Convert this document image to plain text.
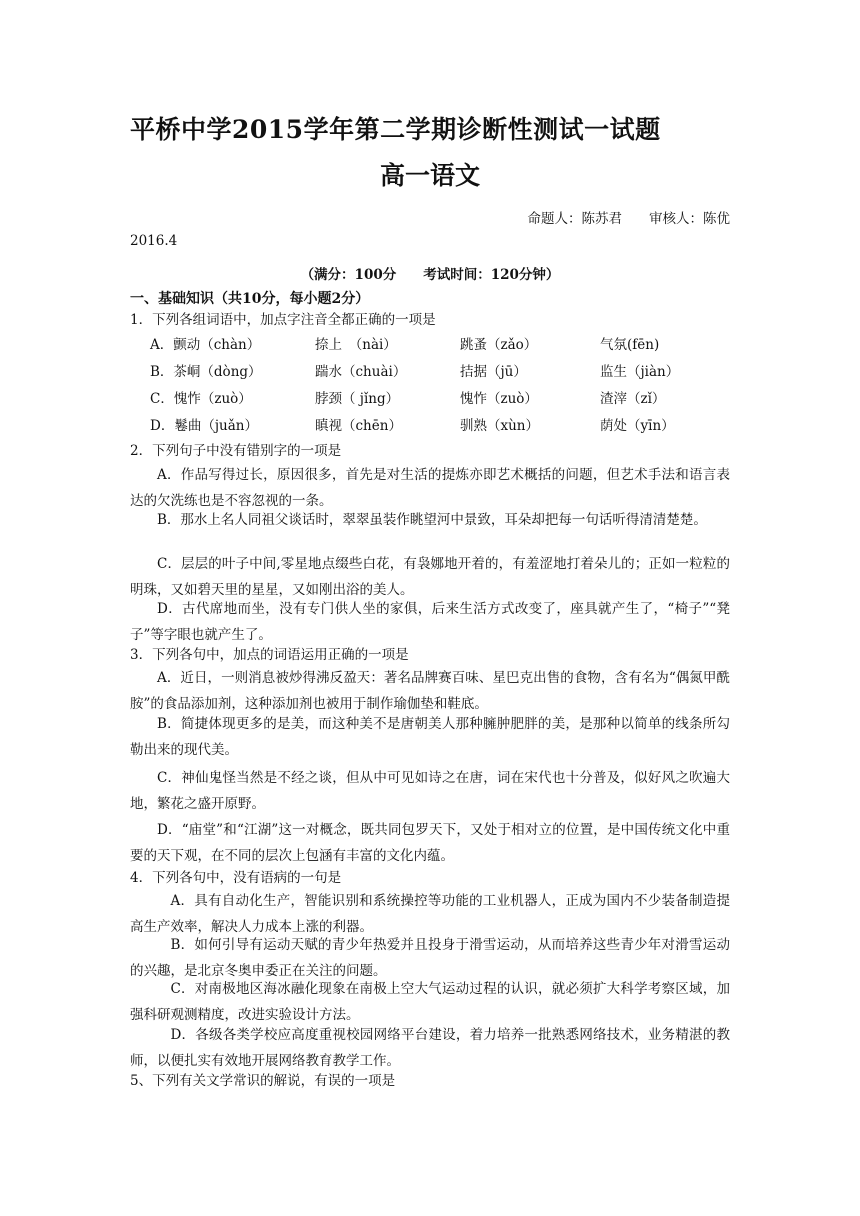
平桥中学2015学年第二学期诊断性测试一试题
高一语文
命题人：陈苏君　　审核人：陈优
2016.4
（满分：100分　　考试时间：120分钟）
一、基础知识（共10分，每小题2分）
1．下列各组词语中，加点字注音全都正确的一项是
A．颤动（chàn）	捺上　（nài）	跳蚤（zǎo）	气氛(fēn)
B．茶峒（dòng）	踹水（chuài）	拮据（jū）	监生（jiàn）
C．愧怍（zuò）	脖颈（ jǐng）	愧怍（zuò）	渣滓（zǐ）
D．鬈曲（juǎn）	瞋视（chēn）	驯熟（xùn）	荫处（yīn）
2．下列句子中没有错别字的一项是
A．作品写得过长，原因很多，首先是对生活的提炼亦即艺术概括的问题，但艺术手法和语言表达的欠洗练也是不容忽视的一条。
B．那水上名人同祖父谈话时，翠翠虽装作眺望河中景致，耳朵却把每一句话听得清清楚楚。
C．层层的叶子中间,零星地点缀些白花，有袅娜地开着的，有羞涩地打着朵儿的；正如一粒粒的明珠，又如碧天里的星星，又如刚出浴的美人。
D．古代席地而坐，没有专门供人坐的家俱，后来生活方式改变了，座具就产生了，“椅子”“凳子”等字眼也就产生了。
3．下列各句中，加点的词语运用正确的一项是
A．近日，一则消息被炒得沸反盈天：著名品牌赛百味、星巴克出售的食物，含有名为“偶氮甲酰胺”的食品添加剂，这种添加剂也被用于制作瑜伽垫和鞋底。
B．简捷体现更多的是美，而这种美不是唐朝美人那种臃肿肥胖的美，是那种以简单的线条所勾勒出来的现代美。
C．神仙鬼怪当然是不经之谈，但从中可见如诗之在唐，词在宋代也十分普及，似好风之吹遍大地，繁花之盛开原野。
D．“庙堂”和“江湖”这一对概念，既共同包罗天下，又处于相对立的位置，是中国传统文化中重要的天下观，在不同的层次上包涵有丰富的文化内蕴。
4．下列各句中，没有语病的一句是
A．具有自动化生产，智能识别和系统操控等功能的工业机器人，正成为国内不少装备制造提高生产效率，解决人力成本上涨的利器。
B．如何引导有运动天赋的青少年热爱并且投身于滑雪运动，从而培养这些青少年对滑雪运动的兴趣，是北京冬奥申委正在关注的问题。
C．对南极地区海冰融化现象在南极上空大气运动过程的认识，就必须扩大科学考察区域，加强科研观测精度，改进实验设计方法。
D．各级各类学校应高度重视校园网络平台建设，着力培养一批熟悉网络技术，业务精湛的教师，以便扎实有效地开展网络教育教学工作。
5、下列有关文学常识的解说，有误的一项是
